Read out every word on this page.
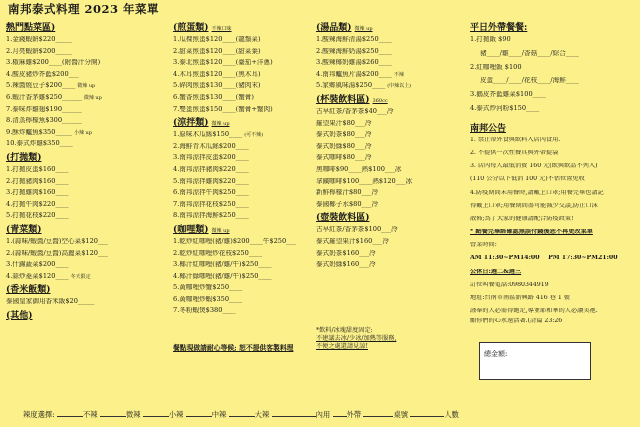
南邦泰式料理 2023 年菜單
熱門點菜區)
1.金錢蝦餅$220_____
2.月亮蝦餅$200_____
3.椒麻雞$200____(附醬汁分開)
4.酸皮豬炒芥藍$200___
5.辣醬燒豆子$200____ 微辣 up
6.蝦汁香茅雞$250______ 微辣 up
7.泰味炸雞翅$190______
8.清蒸檸檬魚$300______
9.酥炸鱸魚$350_____ 小辣 up
10.泰式炸雞$350____
(打拋類)
1.打拋皮蛋$160____
2.打拋豬肉$160____
3.打拋雞肉$160____
4.打拋牛肉$220____
5.打拋花枝$220____
(青菜類)
1.(蒜味/蝦醬/豆醬)空心菜$120___
2.(蒜味/蝦醬/豆醬)高麗菜$120___
3.什錦蔬菜$200____
4.蒜炒菱菜$120____ 冬天限定
(香米飯類)
泰國皇家御用香米飯$20_____
(其他)
(煎蛋類) 不辣口味
1.瓜棵煎蛋$120____(龍鬚菜)
2.甜菜煎蛋$120____(甜菜葉)
3.泰北煎蛋$120____(臺茄+洋蔥)
4.木耳煎蛋$120____(黑木耳)
5.碎肉煎蛋$130____(豬肉末)
6.蟹香煎蛋$130____(蟹膏)
7.雙蛋煎蛋$150____(蟹膏+蟹肉)
(涼拌類) 微辣 up
1.原味木瓜絲$150____ (可不辣)
2.海鮮青木瓜絲$200____
3.南邦涼拌皮蛋$200____
4.南邦涼拌豬肉$220____
5.南邦涼拌雞肉$220____
6.南邦涼拌牛肉$250____
7.南邦涼拌花枝$250____
8.南邦涼拌海鮮$250____
(咖哩類) 微辣 up
1.乾炒紅咖哩(豬/雞)$200____牛$250___
2.乾炒紅咖哩炒花枝$250____
3.椰汁紅咖哩(豬/雞/牛)$250____
4.椰汁綠咖哩(豬/雞/牛)$250____
5.黃咖哩炒蟹$250____
6.黃咖哩炒蝦$350____
7.冬粉蝦煲$380____
(湯品類) 微辣 up
1.酸辣海鮮清湯$250____
2.酸辣海鮮奶湯$250____
3.酸辣椰奶雞湯$260____
4.南邦鱸魚片湯$200____ 不辣
5.家鄉風味湯$250____ (中辣以上)
(杯裝飲料區) 360cc
古早紅茶/香茅茶$40___冷
羅望果汁$80___冷
泰式奶茶$80___冷
泰式奶綠$80___冷
泰式咖啡$80___冷
黑咖啡$90____熱$100___冰
拿鐵咖啡$100____熱$120___冰
新鮮檸檬汁$80___冷
泰國椰子水$80___冷
(壺裝飲料區)
古早紅茶/香茅茶$100___冷
泰式羅望果汁$160___冷
泰式奶茶$160___冷
泰式奶綠$160___冷
*飲料/冰塊甜度固定:
不建議去冰/少冰/加熱等服務,
不便之處還請見諒!
平日外帶餐餐:
1.打拋飯 $90
豬____/雞____/香菇____/綜合____
2.紅咖哩飯 $100
皮蛋____/____/花枝____/海鮮____
3.鵝皮芥藍雞菜$100____
4.泰式炒河粉$150____
南邦公告
1. 禁止帶外食與飲料入店內食用.
2. 不提供一次性餐具與外帶提袋
3. 店內每人最低消費 160 元(飲與飲品不列入)
(110 公分以下低消 100 元)不估位置免收
4.防疫期間未用餐時,請戴上口罩;用餐完畢也請記
得戴上口罩;用餐期間盡可能減少交談,防止口沫
散佈;為了大家的健康請配合防疫政策!
* 點餐完畢經確認無誤付錢後恕不再更改菜單
營業時間:
AM 11:30~PM14:00 PM 17:30~PM21:00
公休日:週二&週三
訂位叫餐電話:0980344919
地址:台南市南區新興路 416 巷 1 號
謹奉的人必需得飽足,導並耶和華的人必讚美祂.
願你們的心永遠活著.(詩篇 23:26
總金額:
餐點現做請耐心等候; 恕不提供客製料理
辣度選擇:	不辣	微辣	小辣	中辣	大辣	內用 外帶	桌號	人數
